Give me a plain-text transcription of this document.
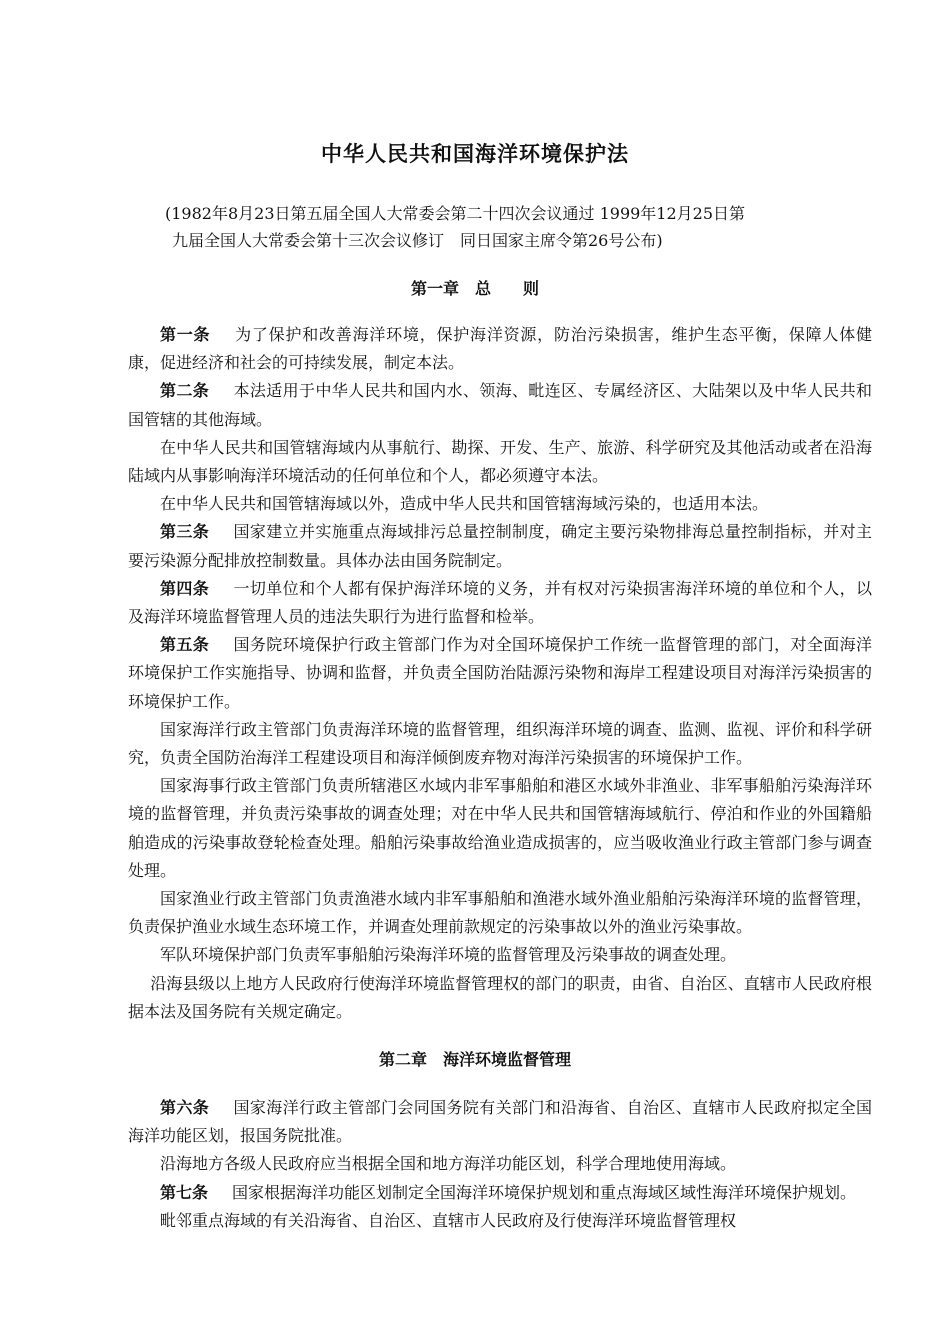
中华人民共和国海洋环境保护法
(1982年8月23日第五届全国人大常委会第二十四次会议通过 1999年12月25日第
九届全国人大常委会第十三次会议修订　同日国家主席令第26号公布)
第一章　总　　则

第一条 为了保护和改善海洋环境，保护海洋资源，防治污染损害，维护生态平衡，保障人体健康，促进经济和社会的可持续发展，制定本法。

第二条 本法适用于中华人民共和国内水、领海、毗连区、专属经济区、大陆架以及中华人民共和国管辖的其他海域。

在中华人民共和国管辖海域内从事航行、勘探、开发、生产、旅游、科学研究及其他活动或者在沿海陆域内从事影响海洋环境活动的任何单位和个人，都必须遵守本法。

在中华人民共和国管辖海域以外，造成中华人民共和国管辖海域污染的，也适用本法。

第三条 国家建立并实施重点海域排污总量控制制度，确定主要污染物排海总量控制指标，并对主要污染源分配排放控制数量。具体办法由国务院制定。

第四条 一切单位和个人都有保护海洋环境的义务，并有权对污染损害海洋环境的单位和个人，以及海洋环境监督管理人员的违法失职行为进行监督和检举。

第五条 国务院环境保护行政主管部门作为对全国环境保护工作统一监督管理的部门，对全面海洋环境保护工作实施指导、协调和监督，并负责全国防治陆源污染物和海岸工程建设项目对海洋污染损害的环境保护工作。

国家海洋行政主管部门负责海洋环境的监督管理，组织海洋环境的调查、监测、监视、评价和科学研究，负责全国防治海洋工程建设项目和海洋倾倒废弃物对海洋污染损害的环境保护工作。

国家海事行政主管部门负责所辖港区水域内非军事船舶和港区水域外非渔业、非军事船舶污染海洋环境的监督管理，并负责污染事故的调查处理；对在中华人民共和国管辖海域航行、停泊和作业的外国籍船舶造成的污染事故登轮检查处理。船舶污染事故给渔业造成损害的，应当吸收渔业行政主管部门参与调查处理。

国家渔业行政主管部门负责渔港水域内非军事船舶和渔港水域外渔业船舶污染海洋环境的监督管理，负责保护渔业水域生态环境工作，并调查处理前款规定的污染事故以外的渔业污染事故。

军队环境保护部门负责军事船舶污染海洋环境的监督管理及污染事故的调查处理。

沿海县级以上地方人民政府行使海洋环境监督管理权的部门的职责，由省、自治区、直辖市人民政府根据本法及国务院有关规定确定。

第二章　海洋环境监督管理

第六条 国家海洋行政主管部门会同国务院有关部门和沿海省、自治区、直辖市人民政府拟定全国海洋功能区划，报国务院批准。

沿海地方各级人民政府应当根据全国和地方海洋功能区划，科学合理地使用海域。

第七条 国家根据海洋功能区划制定全国海洋环境保护规划和重点海域区域性海洋环境保护规划。

毗邻重点海域的有关沿海省、自治区、直辖市人民政府及行使海洋环境监督管理权
